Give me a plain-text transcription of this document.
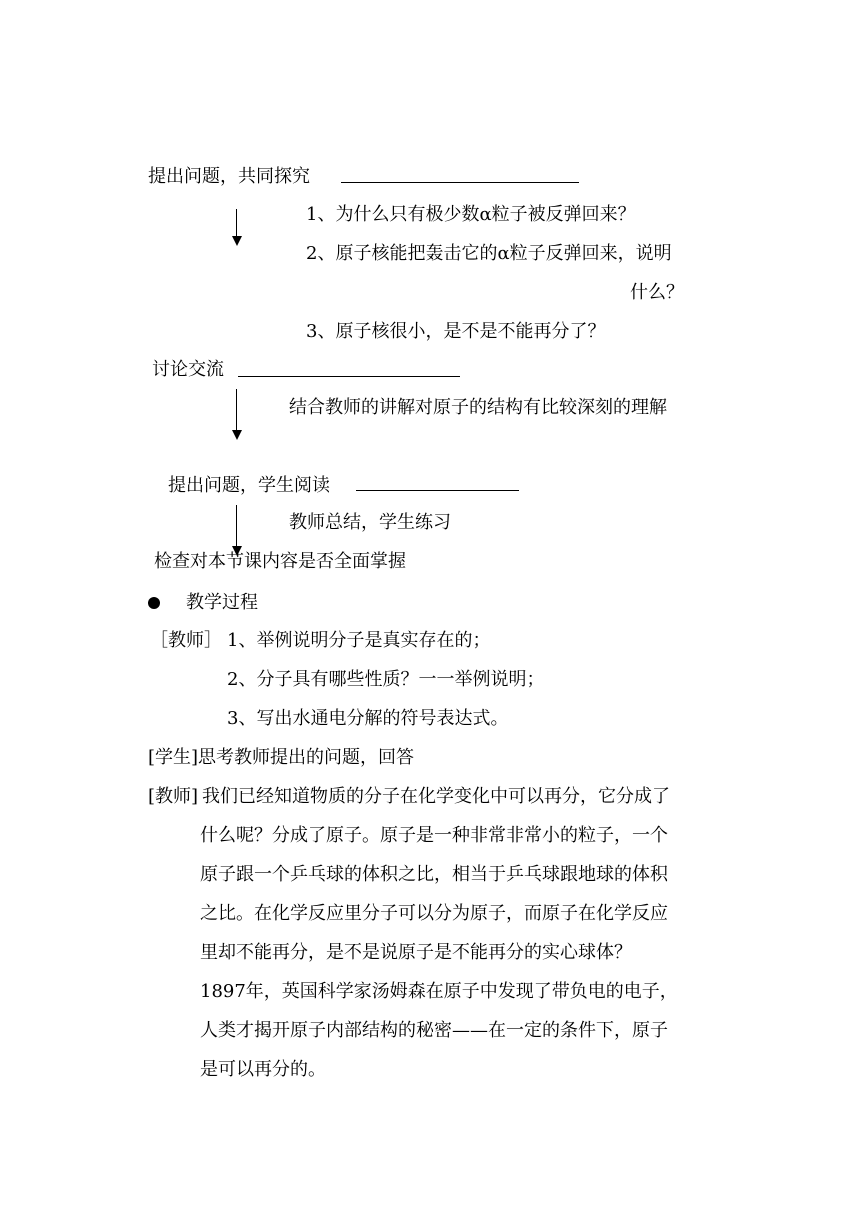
提出问题，共同探究
1、为什么只有极少数α粒子被反弹回来？
2、原子核能把轰击它的α粒子反弹回来，说明
什么？
3、原子核很小，是不是不能再分了？
讨论交流
结合教师的讲解对原子的结构有比较深刻的理解
提出问题，学生阅读
教师总结，学生练习
检查对本节课内容是否全面掌握
教学过程
［教师］ 1、举例说明分子是真实存在的；
2、分子具有哪些性质？一一举例说明；
3、写出水通电分解的符号表达式。
[学生]思考教师提出的问题，回答
[教师] 我们已经知道物质的分子在化学变化中可以再分，它分成了
什么呢？分成了原子。原子是一种非常非常小的粒子，一个
原子跟一个乒乓球的体积之比，相当于乒乓球跟地球的体积
之比。在化学反应里分子可以分为原子，而原子在化学反应
里却不能再分，是不是说原子是不能再分的实心球体？
1897年，英国科学家汤姆森在原子中发现了带负电的电子，
人类才揭开原子内部结构的秘密——在一定的条件下，原子
是可以再分的。
